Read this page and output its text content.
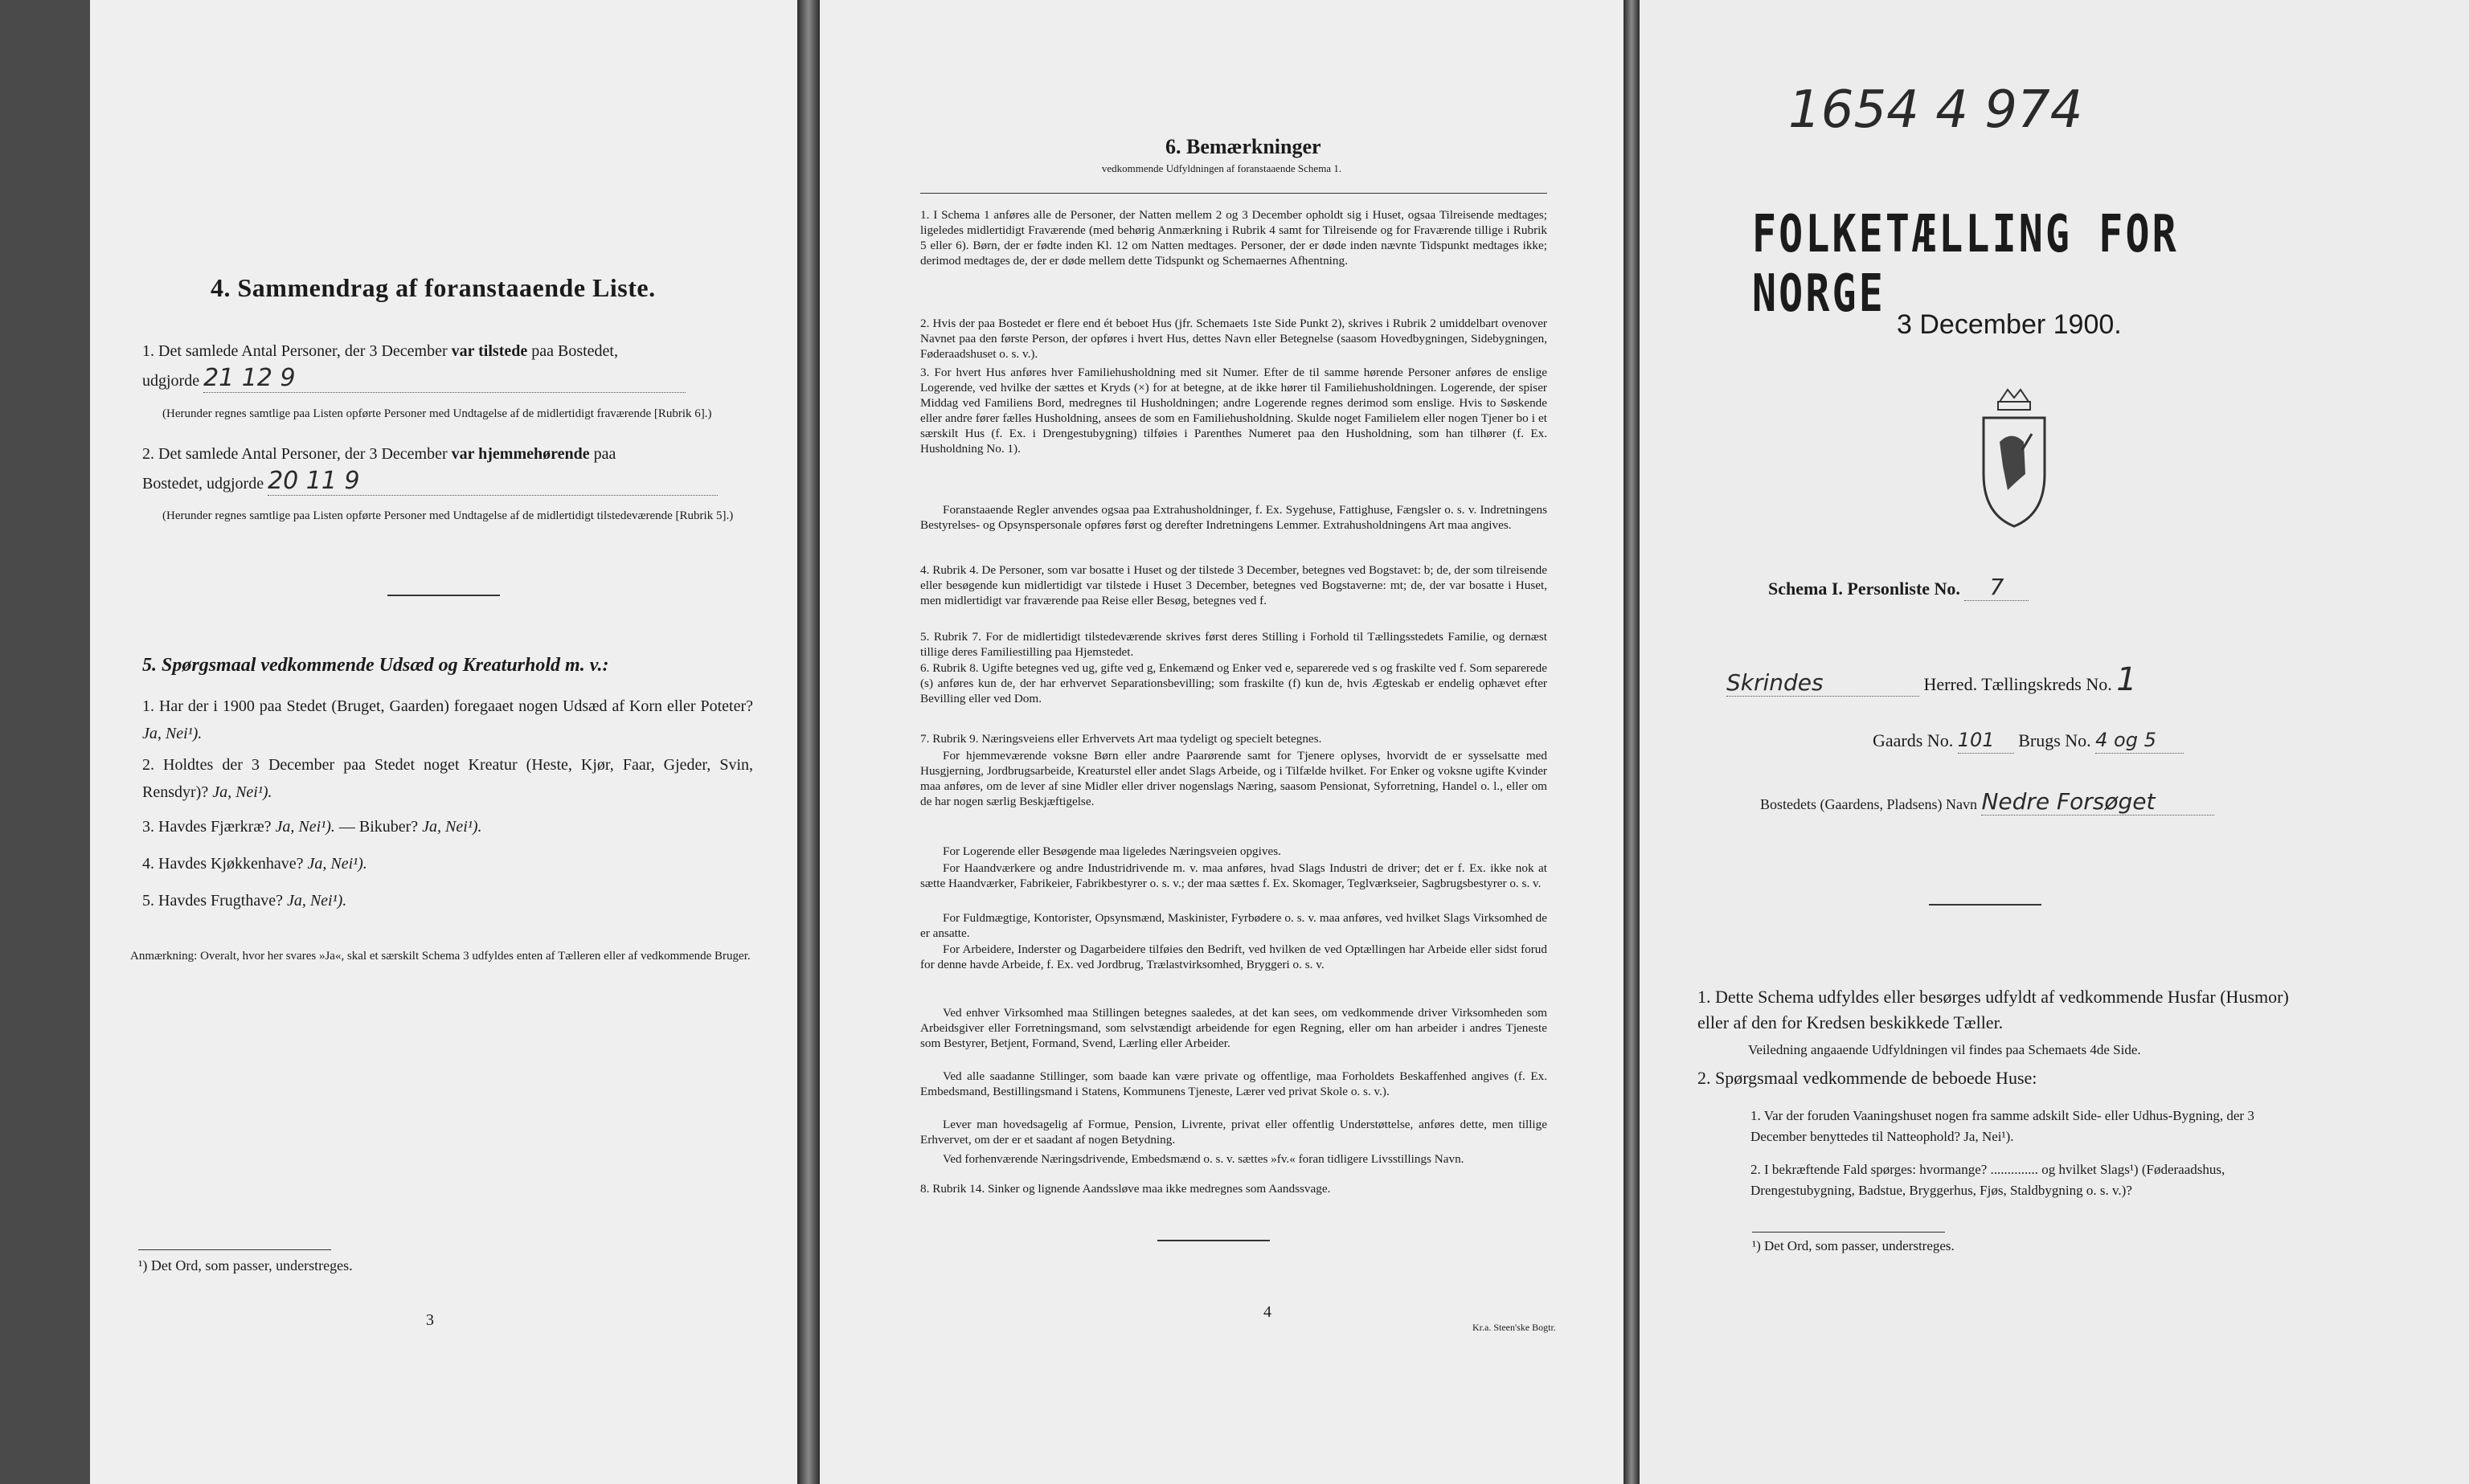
4. Sammendrag af foranstaaende Liste.
1. Det samlede Antal Personer, der 3 December var tilstede paa Bostedet,
udgjorde 21 12 9
(Herunder regnes samtlige paa Listen opførte Personer med Undtagelse af de midlertidigt fraværende [Rubrik 6].)
2. Det samlede Antal Personer, der 3 December var hjemmehørende paa
Bostedet, udgjorde 20 11 9
(Herunder regnes samtlige paa Listen opførte Personer med Undtagelse af de midlertidigt tilstedeværende [Rubrik 5].)
5. Spørgsmaal vedkommende Udsæd og Kreaturhold m. v.:
1. Har der i 1900 paa Stedet (Bruget, Gaarden) foregaaet nogen Udsæd af Korn eller Poteter? Ja, Nei¹).
2. Holdtes der 3 December paa Stedet noget Kreatur (Heste, Kjør, Faar, Gjeder, Svin, Rensdyr)? Ja, Nei¹).
3. Havdes Fjærkræ? Ja, Nei¹). — Bikuber? Ja, Nei¹).
4. Havdes Kjøkkenhave? Ja, Nei¹).
5. Havdes Frugthave? Ja, Nei¹).
Anmærkning: Overalt, hvor her svares »Ja«, skal et særskilt Schema 3 udfyldes enten af Tælleren eller af vedkommende Bruger.
¹) Det Ord, som passer, understreges.
3
6. Bemærkninger
vedkommende Udfyldningen af foranstaaende Schema 1.
1. I Schema 1 anføres alle de Personer, der Natten mellem 2 og 3 December opholdt sig i Huset, ogsaa Tilreisende medtages; ligeledes midlertidigt Fraværende (med behørig Anmærkning i Rubrik 4 samt for Tilreisende og for Fraværende tillige i Rubrik 5 eller 6). Børn, der er fødte inden Kl. 12 om Natten medtages. Personer, der er døde inden nævnte Tidspunkt medtages ikke; derimod medtages de, der er døde mellem dette Tidspunkt og Schemaernes Afhentning.
2. Hvis der paa Bostedet er flere end ét beboet Hus (jfr. Schemaets 1ste Side Punkt 2), skrives i Rubrik 2 umiddelbart ovenover Navnet paa den første Person, der opføres i hvert Hus, dettes Navn eller Betegnelse (saasom Hovedbygningen, Sidebygningen, Føderaadshuset o. s. v.).
3. For hvert Hus anføres hver Familiehusholdning med sit Numer. Efter de til samme hørende Personer anføres de enslige Logerende, ved hvilke der sættes et Kryds (×) for at betegne, at de ikke hører til Familiehusholdningen. Logerende, der spiser Middag ved Familiens Bord, medregnes til Husholdningen; andre Logerende regnes derimod som enslige. Hvis to Søskende eller andre fører fælles Husholdning, ansees de som en Familiehusholdning. Skulde noget Familielem eller nogen Tjener bo i et særskilt Hus (f. Ex. i Drengestubygning) tilføies i Parenthes Numeret paa den Husholdning, som han tilhører (f. Ex. Husholdning No. 1).
Foranstaaende Regler anvendes ogsaa paa Extrahusholdninger, f. Ex. Sygehuse, Fattighuse, Fængsler o. s. v. Indretningens Bestyrelses- og Opsynspersonale opføres først og derefter Indretningens Lemmer. Extrahusholdningens Art maa angives.
4. Rubrik 4. De Personer, som var bosatte i Huset og der tilstede 3 December, betegnes ved Bogstavet: b; de, der som tilreisende eller besøgende kun midlertidigt var tilstede i Huset 3 December, betegnes ved Bogstaverne: mt; de, der var bosatte i Huset, men midlertidigt var fraværende paa Reise eller Besøg, betegnes ved f.
5. Rubrik 7. For de midlertidigt tilstedeværende skrives først deres Stilling i Forhold til Tællingsstedets Familie, og dernæst tillige deres Familiestilling paa Hjemstedet.
6. Rubrik 8. Ugifte betegnes ved ug, gifte ved g, Enkemænd og Enker ved e, separerede ved s og fraskilte ved f. Som separerede (s) anføres kun de, der har erhvervet Separationsbevilling; som fraskilte (f) kun de, hvis Ægteskab er endelig ophævet efter Bevilling eller ved Dom.
7. Rubrik 9. Næringsveiens eller Erhvervets Art maa tydeligt og specielt betegnes.
For hjemmeværende voksne Børn eller andre Paarørende samt for Tjenere oplyses, hvorvidt de er sysselsatte med Husgjerning, Jordbrugsarbeide, Kreaturstel eller andet Slags Arbeide, og i Tilfælde hvilket. For Enker og voksne ugifte Kvinder maa anføres, om de lever af sine Midler eller driver nogenslags Næring, saasom Pensionat, Syforretning, Handel o. l., eller om de har nogen særlig Beskjæftigelse.
For Logerende eller Besøgende maa ligeledes Næringsveien opgives.
For Haandværkere og andre Industridrivende m. v. maa anføres, hvad Slags Industri de driver; det er f. Ex. ikke nok at sætte Haandværker, Fabrikeier, Fabrikbestyrer o. s. v.; der maa sættes f. Ex. Skomager, Teglværkseier, Sagbrugsbestyrer o. s. v.
For Fuldmægtige, Kontorister, Opsynsmænd, Maskinister, Fyrbødere o. s. v. maa anføres, ved hvilket Slags Virksomhed de er ansatte.
For Arbeidere, Inderster og Dagarbeidere tilføies den Bedrift, ved hvilken de ved Optællingen har Arbeide eller sidst forud for denne havde Arbeide, f. Ex. ved Jordbrug, Trælastvirksomhed, Bryggeri o. s. v.
Ved enhver Virksomhed maa Stillingen betegnes saaledes, at det kan sees, om vedkommende driver Virksomheden som Arbeidsgiver eller Forretningsmand, som selvstændigt arbeidende for egen Regning, eller om han arbeider i andres Tjeneste som Bestyrer, Betjent, Formand, Svend, Lærling eller Arbeider.
Ved alle saadanne Stillinger, som baade kan være private og offentlige, maa Forholdets Beskaffenhed angives (f. Ex. Embedsmand, Bestillingsmand i Statens, Kommunens Tjeneste, Lærer ved privat Skole o. s. v.).
Lever man hovedsagelig af Formue, Pension, Livrente, privat eller offentlig Understøttelse, anføres dette, men tillige Erhvervet, om der er et saadant af nogen Betydning.
Ved forhenværende Næringsdrivende, Embedsmænd o. s. v. sættes »fv.« foran tidligere Livsstillings Navn.
8. Rubrik 14. Sinker og lignende Aandssløve maa ikke medregnes som Aandssvage.
4
Kr.a. Steen'ske Bogtr.
1654 4 974
FOLKETÆLLING FOR NORGE
3 December 1900.
Schema I. Personliste No. 7
Skrindes	Herred. Tællingskreds No. 1
Gaards No. 101 Brugs No. 4 og 5
Bostedets (Gaardens, Pladsens) Navn Nedre Forsøget
1. Dette Schema udfyldes eller besørges udfyldt af vedkommende Husfar (Husmor) eller af den for Kredsen beskikkede Tæller.
Veiledning angaaende Udfyldningen vil findes paa Schemaets 4de Side.
2. Spørgsmaal vedkommende de beboede Huse:
1. Var der foruden Vaaningshuset nogen fra samme adskilt Side- eller Udhus-Bygning, der 3 December benyttedes til Natteophold? Ja, Nei¹).
2. I bekræftende Fald spørges: hvormange? .............. og hvilket Slags¹) (Føderaadshus, Drengestubygning, Badstue, Bryggerhus, Fjøs, Staldbygning o. s. v.)?
¹) Det Ord, som passer, understreges.
